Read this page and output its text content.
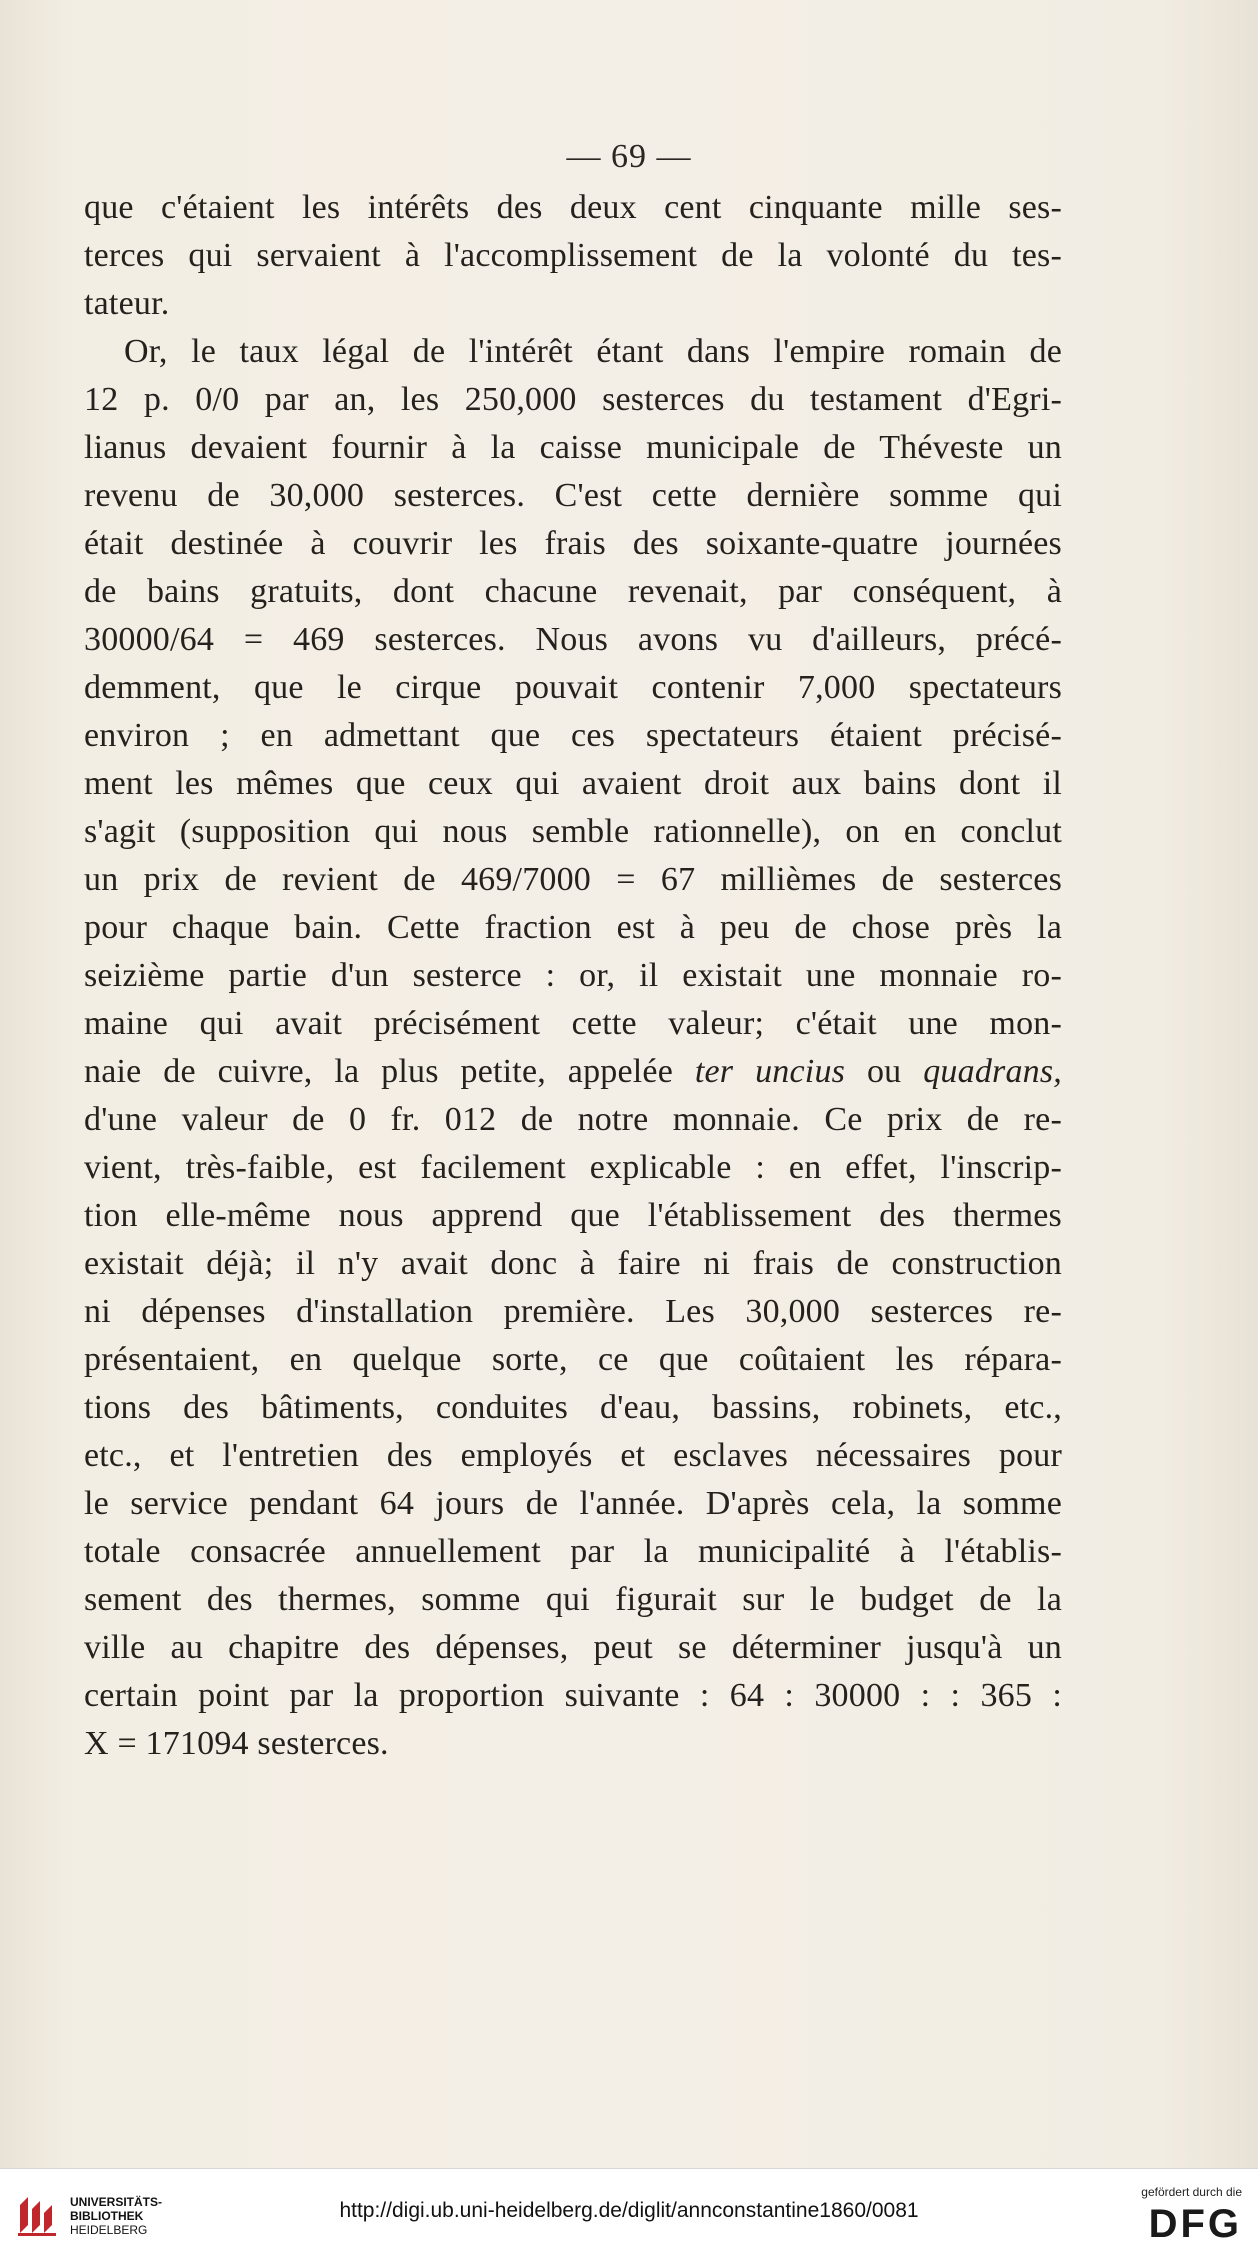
— 69 —
que c'étaient les intérêts des deux cent cinquante mille ses-
terces qui servaient à l'accomplissement de la volonté du tes-
tateur.
Or, le taux légal de l'intérêt étant dans l'empire romain de
12 p. 0/0 par an, les 250,000 sesterces du testament d'Egri-
lianus devaient fournir à la caisse municipale de Théveste un
revenu de 30,000 sesterces. C'est cette dernière somme qui
était destinée à couvrir les frais des soixante-quatre journées
de bains gratuits, dont chacune revenait, par conséquent, à
30000/64 = 469 sesterces. Nous avons vu d'ailleurs, précé-
demment, que le cirque pouvait contenir 7,000 spectateurs
environ ; en admettant que ces spectateurs étaient précisé-
ment les mêmes que ceux qui avaient droit aux bains dont il
s'agit (supposition qui nous semble rationnelle), on en conclut
un prix de revient de 469/7000 = 67 millièmes de sesterces
pour chaque bain. Cette fraction est à peu de chose près la
seizième partie d'un sesterce : or, il existait une monnaie ro-
maine qui avait précisément cette valeur; c'était une mon-
naie de cuivre, la plus petite, appelée ter uncius ou quadrans,
d'une valeur de 0 fr. 012 de notre monnaie. Ce prix de re-
vient, très-faible, est facilement explicable : en effet, l'inscrip-
tion elle-même nous apprend que l'établissement des thermes
existait déjà; il n'y avait donc à faire ni frais de construction
ni dépenses d'installation première. Les 30,000 sesterces re-
présentaient, en quelque sorte, ce que coûtaient les répara-
tions des bâtiments, conduites d'eau, bassins, robinets, etc.,
etc., et l'entretien des employés et esclaves nécessaires pour
le service pendant 64 jours de l'année. D'après cela, la somme
totale consacrée annuellement par la municipalité à l'établis-
sement des thermes, somme qui figurait sur le budget de la
ville au chapitre des dépenses, peut se déterminer jusqu'à un
certain point par la proportion suivante : 64 : 30000 : : 365 :
X = 171094 sesterces.
UNIVERSITÄTS-
BIBLIOTHEK
HEIDELBERG
http://digi.ub.uni-heidelberg.de/diglit/annconstantine1860/0081
gefördert durch die
DFG
